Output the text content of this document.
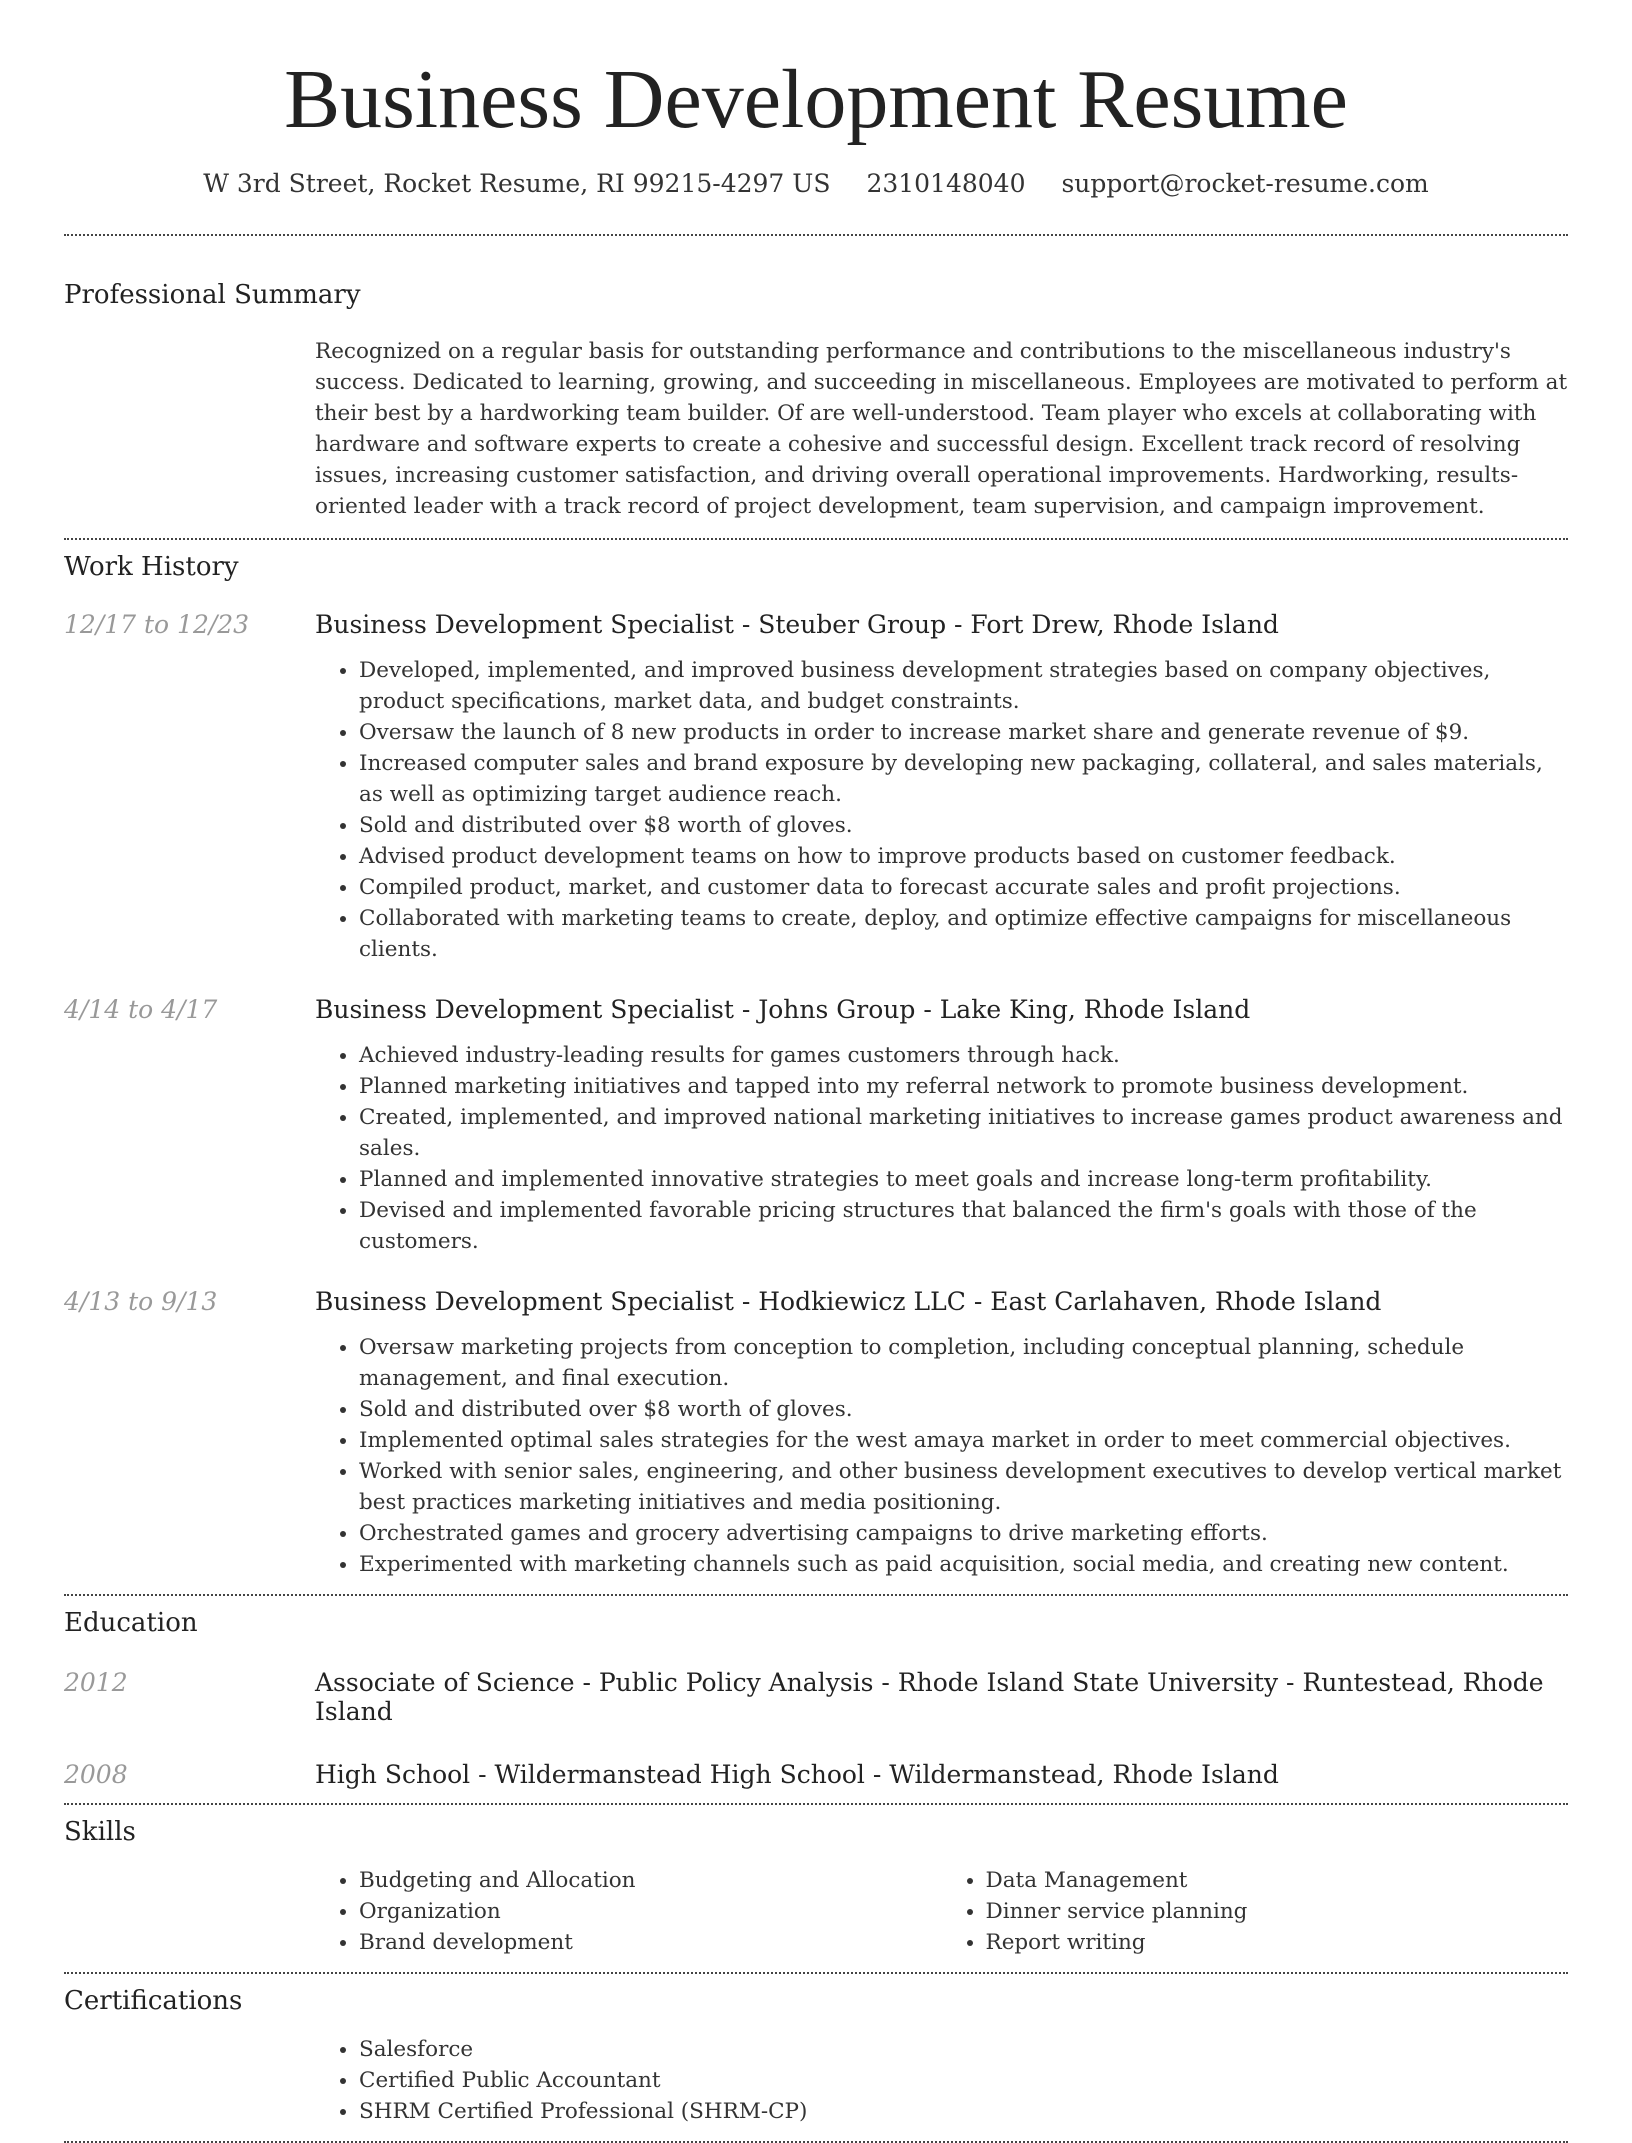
Business Development Resume
W 3rd Street, Rocket Resume, RI 99215-4297 US 2310148040 support@rocket-resume.com
Professional Summary
Recognized on a regular basis for outstanding performance and contributions to the miscellaneous industry's success. Dedicated to learning, growing, and succeeding in miscellaneous. Employees are motivated to perform at their best by a hardworking team builder. Of are well-understood. Team player who excels at collaborating with hardware and software experts to create a cohesive and successful design. Excellent track record of resolving issues, increasing customer satisfaction, and driving overall operational improvements. Hardworking, results-oriented leader with a track record of project development, team supervision, and campaign improvement.
Work History
12/17 to 12/23	Business Development Specialist - Steuber Group - Fort Drew, Rhode Island
• Developed, implemented, and improved business development strategies based on company objectives, product specifications, market data, and budget constraints.
• Oversaw the launch of 8 new products in order to increase market share and generate revenue of $9.
• Increased computer sales and brand exposure by developing new packaging, collateral, and sales materials, as well as optimizing target audience reach.
• Sold and distributed over $8 worth of gloves.
• Advised product development teams on how to improve products based on customer feedback.
• Compiled product, market, and customer data to forecast accurate sales and profit projections.
• Collaborated with marketing teams to create, deploy, and optimize effective campaigns for miscellaneous clients.
4/14 to 4/17	Business Development Specialist - Johns Group - Lake King, Rhode Island
• Achieved industry-leading results for games customers through hack.
• Planned marketing initiatives and tapped into my referral network to promote business development.
• Created, implemented, and improved national marketing initiatives to increase games product awareness and sales.
• Planned and implemented innovative strategies to meet goals and increase long-term profitability.
• Devised and implemented favorable pricing structures that balanced the firm's goals with those of the customers.
4/13 to 9/13	Business Development Specialist - Hodkiewicz LLC - East Carlahaven, Rhode Island
• Oversaw marketing projects from conception to completion, including conceptual planning, schedule management, and final execution.
• Sold and distributed over $8 worth of gloves.
• Implemented optimal sales strategies for the west amaya market in order to meet commercial objectives.
• Worked with senior sales, engineering, and other business development executives to develop vertical market best practices marketing initiatives and media positioning.
• Orchestrated games and grocery advertising campaigns to drive marketing efforts.
• Experimented with marketing channels such as paid acquisition, social media, and creating new content.
Education
2012	Associate of Science - Public Policy Analysis - Rhode Island State University - Runtestead, Rhode Island
2008	High School - Wildermanstead High School - Wildermanstead, Rhode Island
Skills
• Budgeting and Allocation
• Organization
• Brand development
• Data Management
• Dinner service planning
• Report writing
Certifications
• Salesforce
• Certified Public Accountant
• SHRM Certified Professional (SHRM-CP)
